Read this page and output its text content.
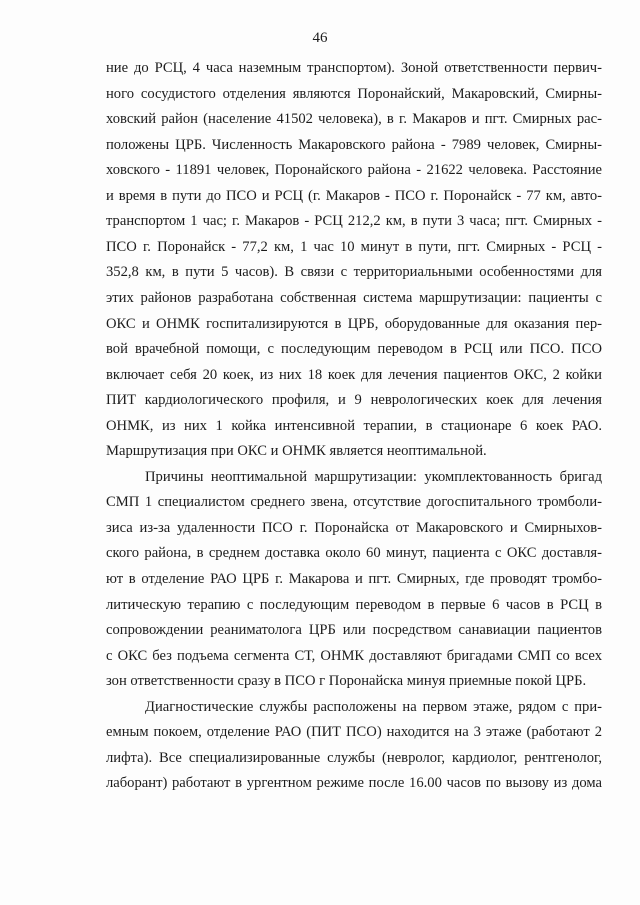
46
ние до РСЦ, 4 часа наземным транспортом). Зоной ответственности первич-
ного сосудистого отделения являются Поронайский, Макаровский, Смирны-
ховский район (население 41502 человека), в г. Макаров и пгт. Смирных рас-
положены ЦРБ. Численность Макаровского района - 7989 человек, Смирны-
ховского - 11891 человек, Поронайского района - 21622 человека. Расстояние
и время в пути до ПСО и РСЦ (г. Макаров - ПСО г. Поронайск - 77 км, авто-
транспортом 1 час; г. Макаров - РСЦ 212,2 км, в пути 3 часа; пгт. Смирных -
ПСО г. Поронайск - 77,2 км, 1 час 10 минут в пути, пгт. Смирных - РСЦ -
352,8 км, в пути 5 часов). В связи с территориальными особенностями для
этих районов разработана собственная система маршрутизации: пациенты с
ОКС и ОНМК госпитализируются в ЦРБ, оборудованные для оказания пер-
вой врачебной помощи, с последующим переводом в РСЦ или ПСО. ПСО
включает себя 20 коек, из них 18 коек для лечения пациентов ОКС, 2 койки
ПИТ кардиологического профиля, и 9 неврологических коек для лечения
ОНМК, из них 1 койка интенсивной терапии, в стационаре 6 коек РАО.
Маршрутизация при ОКС и ОНМК является неоптимальной.
Причины неоптимальной маршрутизации: укомплектованность бригад
СМП 1 специалистом среднего звена, отсутствие догоспитального тромболи-
зиса из-за удаленности ПСО г. Поронайска от Макаровского и Смирныхов-
ского района, в среднем доставка около 60 минут, пациента с ОКС доставля-
ют в отделение РАО ЦРБ г. Макарова и пгт. Смирных, где проводят тромбо-
литическую терапию с последующим переводом в первые 6 часов в РСЦ в
сопровождении реаниматолога ЦРБ или посредством санавиации пациентов
с ОКС без подъема сегмента СТ, ОНМК доставляют бригадами СМП со всех
зон ответственности сразу в ПСО г Поронайска минуя приемные покой ЦРБ.
Диагностические службы расположены на первом этаже, рядом с при-
емным покоем, отделение РАО (ПИТ ПСО) находится на 3 этаже (работают 2
лифта). Все специализированные службы (невролог, кардиолог, рентгенолог,
лаборант) работают в ургентном режиме после 16.00 часов по вызову из дома
